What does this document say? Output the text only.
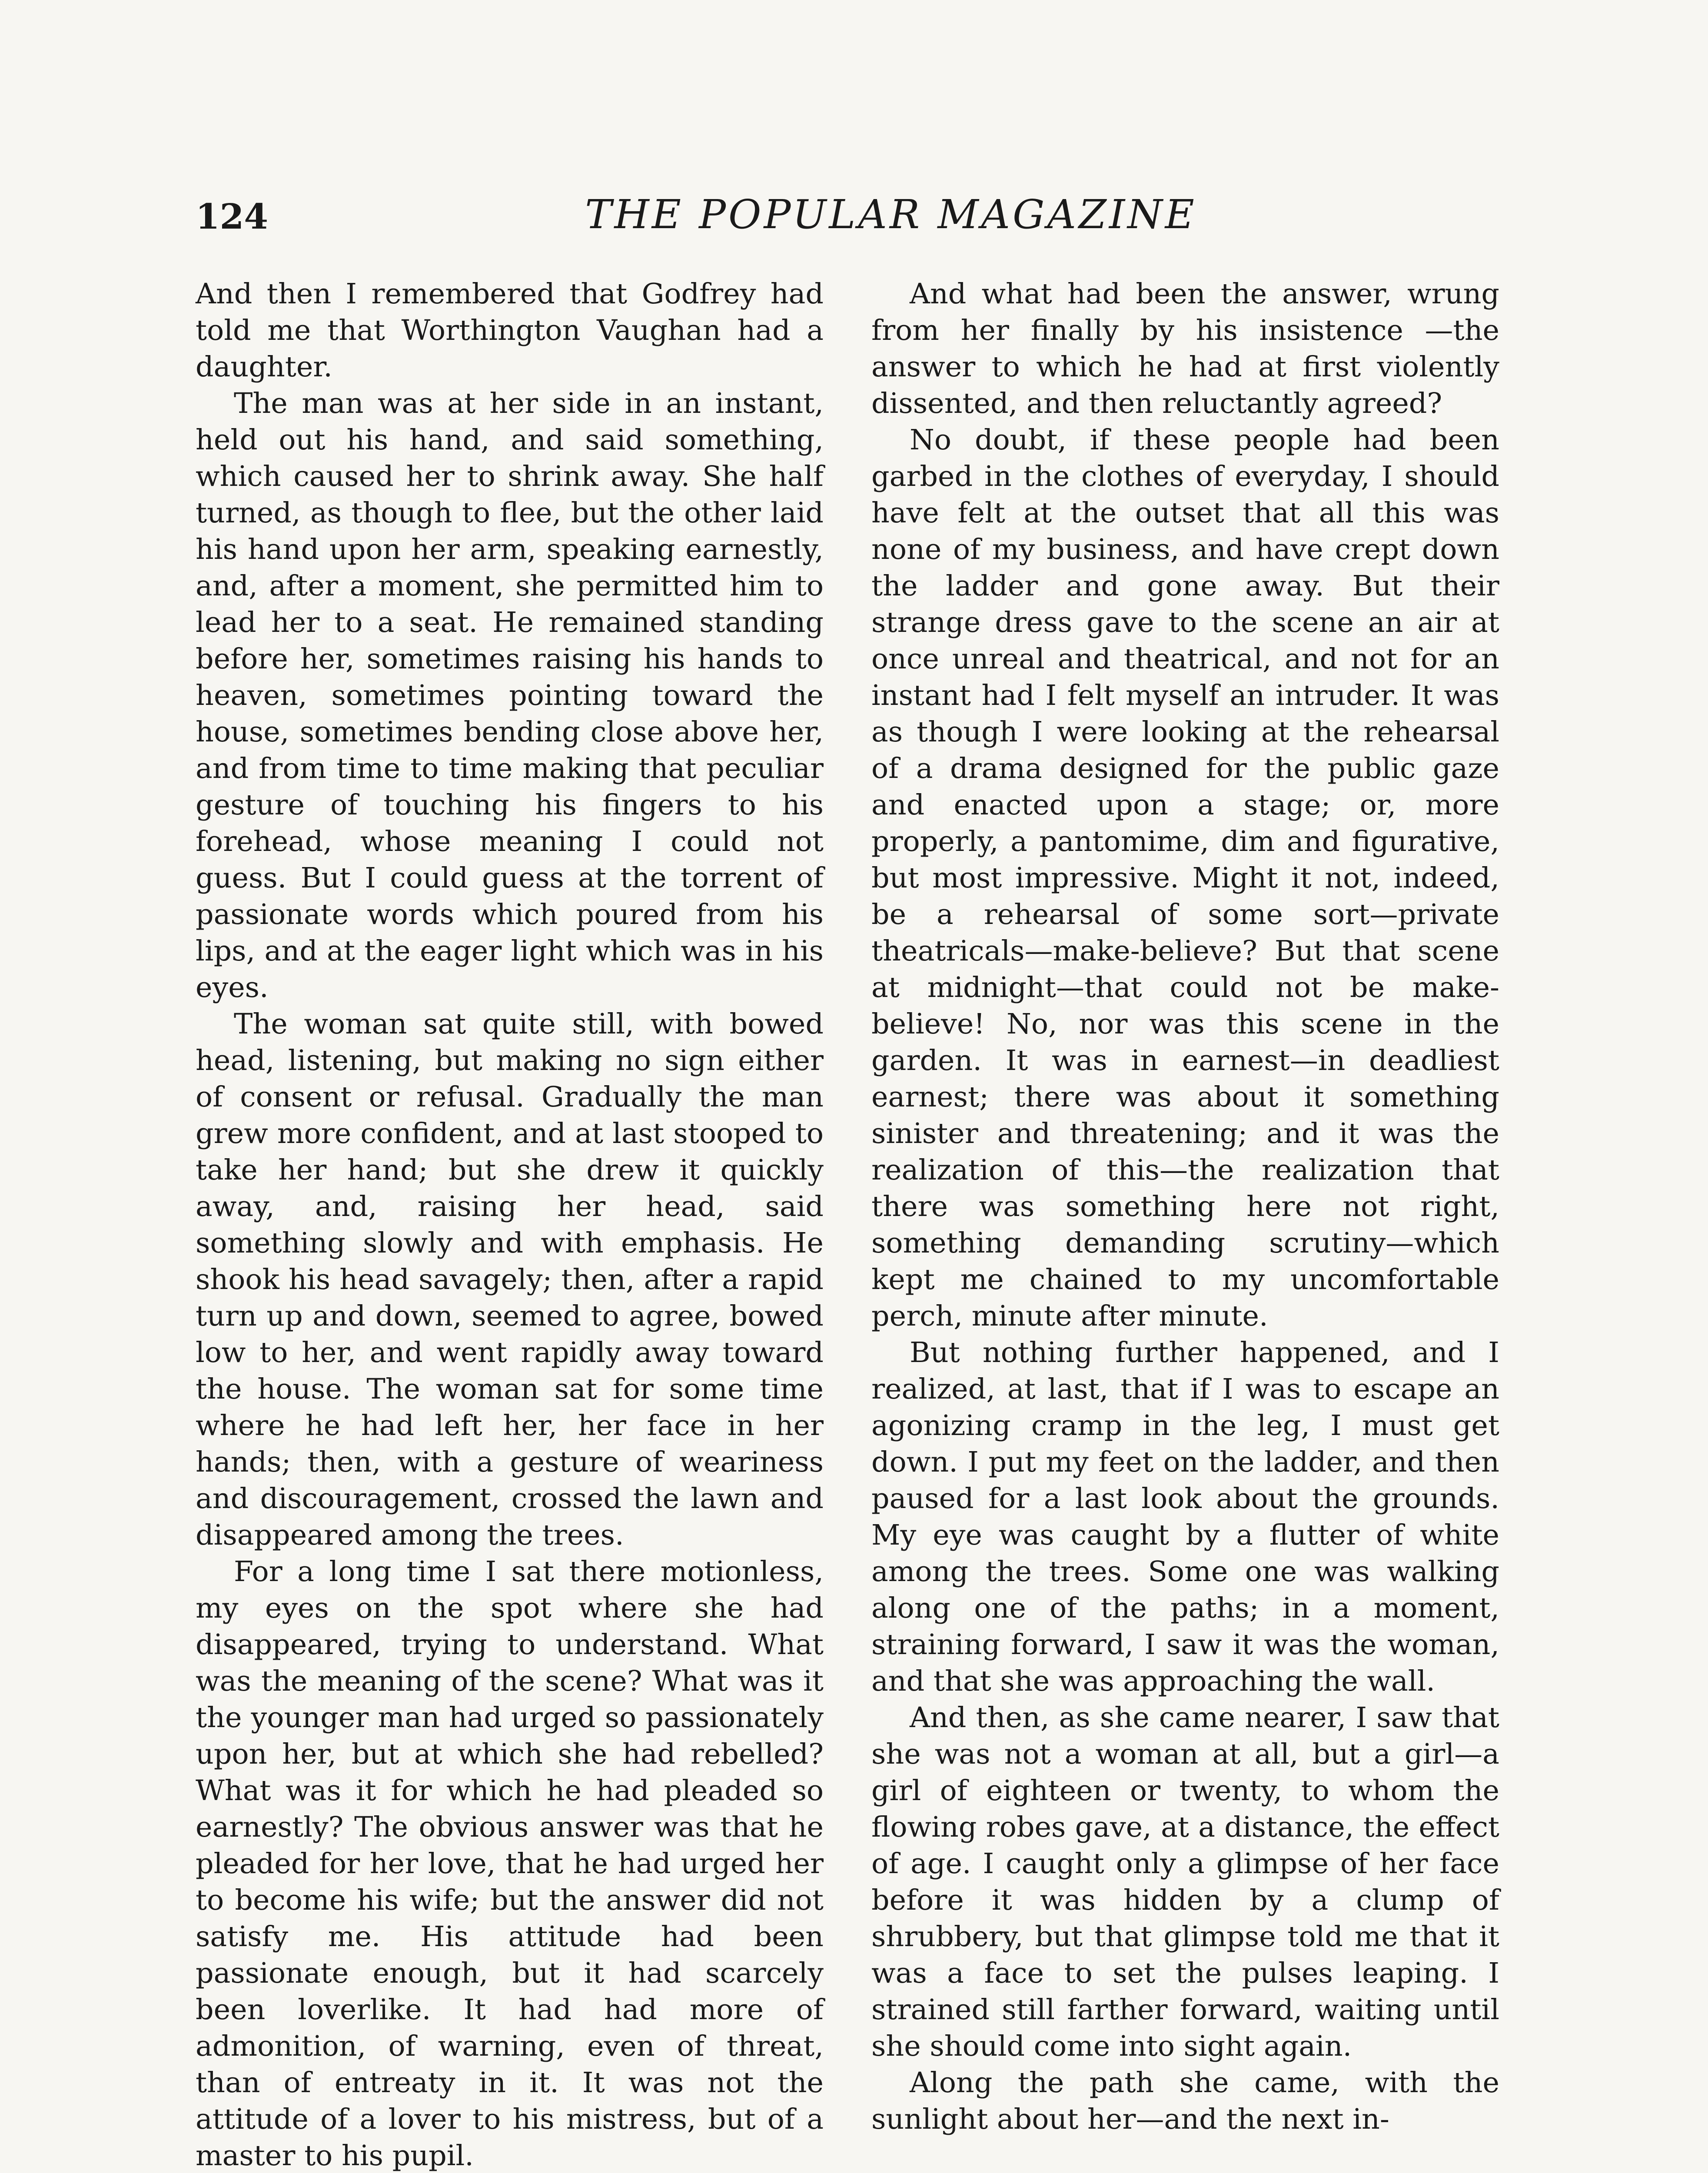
124	THE POPULAR MAGAZINE

And then I remembered that Godfrey had told me that Worthington Vaughan had a daughter.

The man was at her side in an instant, held out his hand, and said something, which caused her to shrink away. She half turned, as though to flee, but the other laid his hand upon her arm, speaking earnestly, and, after a moment, she permitted him to lead her to a seat. He remained standing before her, sometimes raising his hands to heaven, sometimes pointing toward the house, sometimes bending close above her, and from time to time making that peculiar gesture of touching his fingers to his forehead, whose meaning I could not guess. But I could guess at the torrent of passionate words which poured from his lips, and at the eager light which was in his eyes.

The woman sat quite still, with bowed head, listening, but making no sign either of consent or refusal. Gradually the man grew more confident, and at last stooped to take her hand; but she drew it quickly away, and, raising her head, said something slowly and with emphasis. He shook his head savagely; then, after a rapid turn up and down, seemed to agree, bowed low to her, and went rapidly away toward the house. The woman sat for some time where he had left her, her face in her hands; then, with a gesture of weariness and discouragement, crossed the lawn and disappeared among the trees.

For a long time I sat there motionless, my eyes on the spot where she had disappeared, trying to understand. What was the meaning of the scene? What was it the younger man had urged so passionately upon her, but at which she had rebelled? What was it for which he had pleaded so earnestly? The obvious answer was that he pleaded for her love, that he had urged her to become his wife; but the answer did not satisfy me. His attitude had been passionate enough, but it had scarcely been loverlike. It had had more of admonition, of warning, even of threat, than of entreaty in it. It was not the attitude of a lover to his mistress, but of a master to his pupil.

And what had been the answer, wrung from her finally by his insistence —the answer to which he had at first violently dissented, and then reluctantly agreed?

No doubt, if these people had been garbed in the clothes of everyday, I should have felt at the outset that all this was none of my business, and have crept down the ladder and gone away. But their strange dress gave to the scene an air at once unreal and theatrical, and not for an instant had I felt myself an intruder. It was as though I were looking at the rehearsal of a drama designed for the public gaze and enacted upon a stage; or, more properly, a pantomime, dim and figurative, but most impressive. Might it not, indeed, be a rehearsal of some sort—private theatricals—make-believe? But that scene at midnight—that could not be make-believe! No, nor was this scene in the garden. It was in earnest—in deadliest earnest; there was about it something sinister and threatening; and it was the realization of this—the realization that there was something here not right, something demanding scrutiny—which kept me chained to my uncomfortable perch, minute after minute.

But nothing further happened, and I realized, at last, that if I was to escape an agonizing cramp in the leg, I must get down. I put my feet on the ladder, and then paused for a last look about the grounds. My eye was caught by a flutter of white among the trees. Some one was walking along one of the paths; in a moment, straining forward, I saw it was the woman, and that she was approaching the wall.

And then, as she came nearer, I saw that she was not a woman at all, but a girl—a girl of eighteen or twenty, to whom the flowing robes gave, at a distance, the effect of age. I caught only a glimpse of her face before it was hidden by a clump of shrubbery, but that glimpse told me that it was a face to set the pulses leaping. I strained still farther forward, waiting until she should come into sight again.

Along the path she came, with the sunlight about her—and the next in-
